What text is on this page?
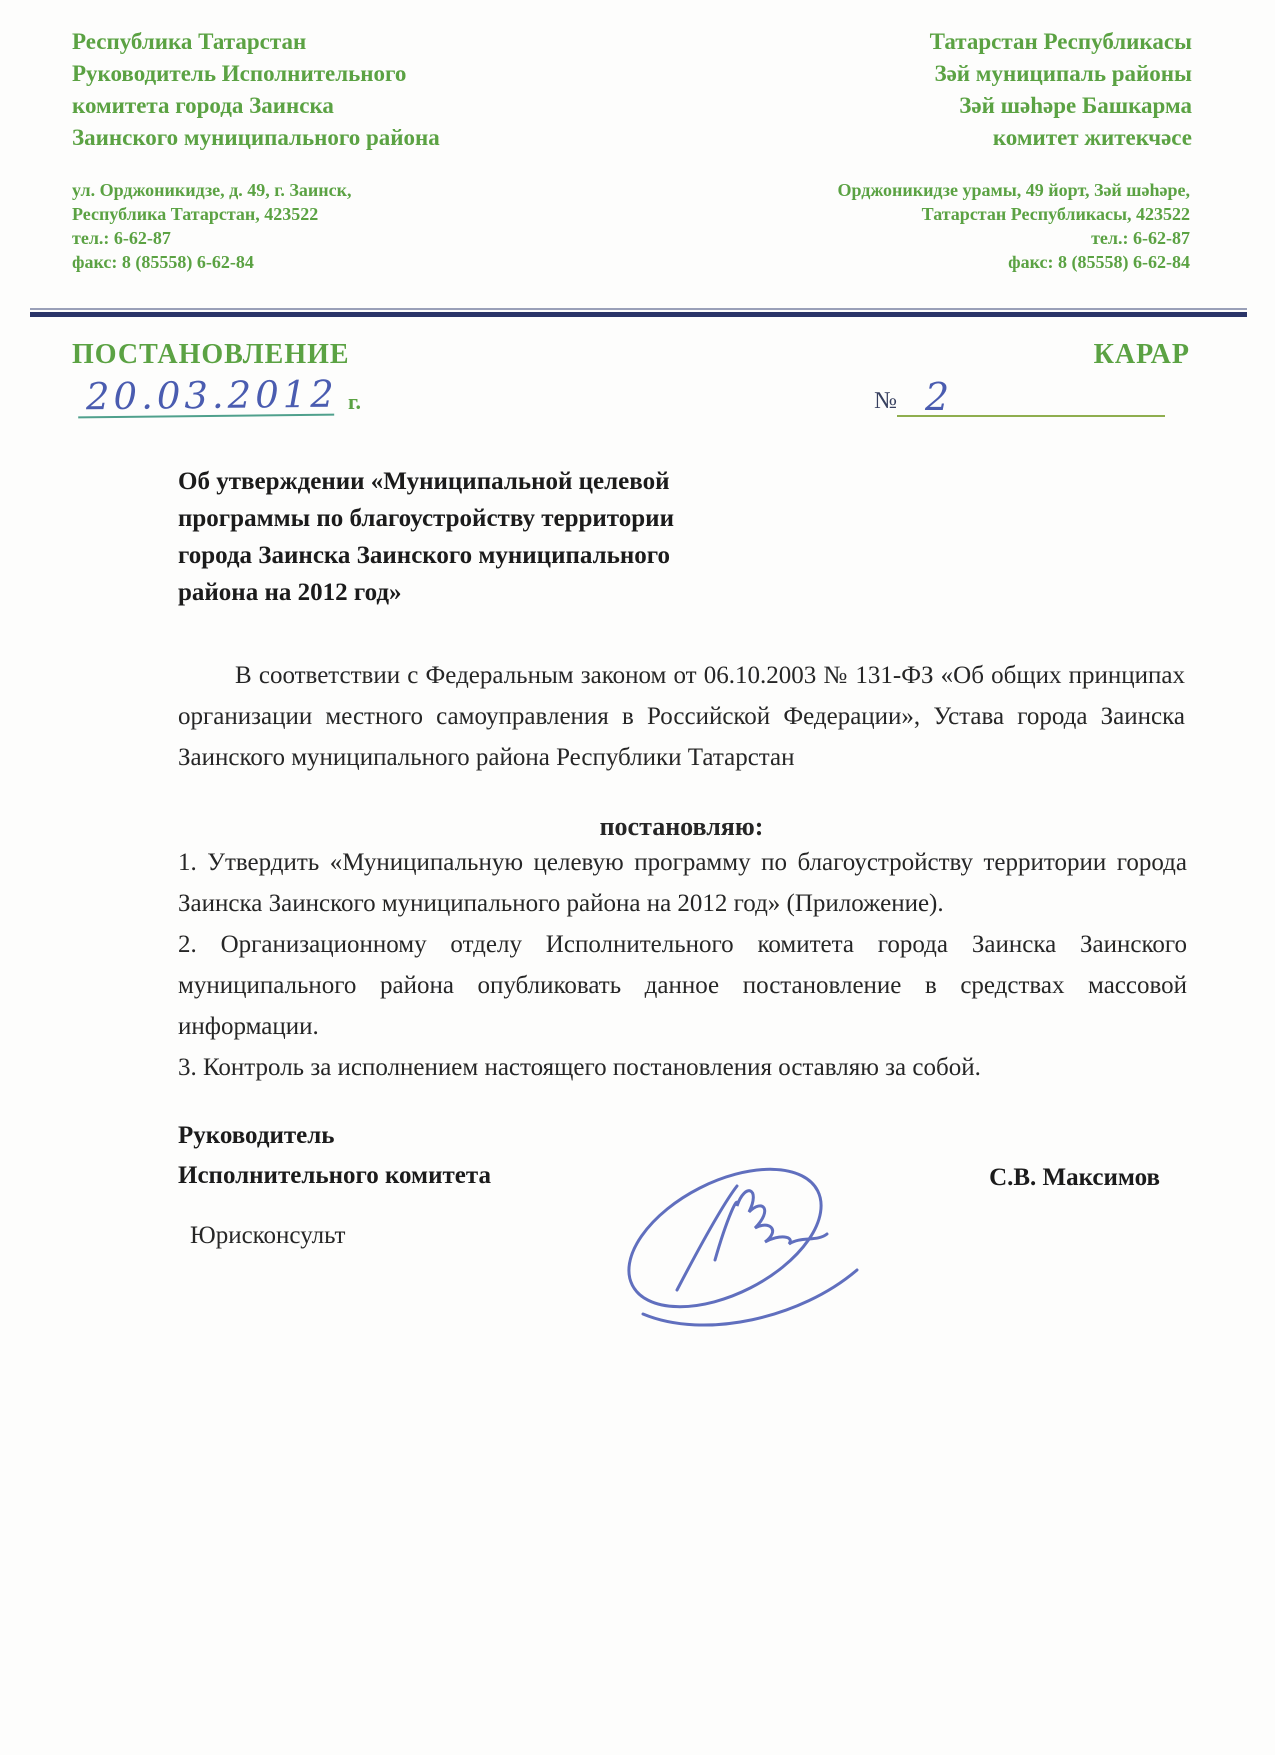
Республика Татарстан
Руководитель Исполнительного
комитета города Заинска
Заинского муниципального района
Татарстан Республикасы
Зәй муниципаль районы
Зәй шәһәре Башкарма
комитет житекчәсе
ул. Орджоникидзе, д. 49, г. Заинск,
Республика Татарстан, 423522
тел.: 6-62-87
факс: 8 (85558) 6-62-84
Орджоникидзе урамы, 49 йорт, Зәй шәһәре,
Татарстан Республикасы, 423522
тел.: 6-62-87
факс: 8 (85558) 6-62-84
ПОСТАНОВЛЕНИЕ	КАРАР
20.03.2012 г.	№ 2
Об утверждении «Муниципальной целевой программы по благоустройству территории города Заинска Заинского муниципального района на 2012 год»

В соответствии с Федеральным законом от 06.10.2003 № 131-ФЗ «Об общих принципах организации местного самоуправления в Российской Федерации», Устава города Заинска Заинского муниципального района Республики Татарстан

постановляю:

1. Утвердить «Муниципальную целевую программу по благоустройству территории города Заинска Заинского муниципального района на 2012 год» (Приложение).

2. Организационному отделу Исполнительного комитета города Заинска Заинского муниципального района опубликовать данное постановление в средствах массовой информации.

3. Контроль за исполнением настоящего постановления оставляю за собой.

Руководитель
Исполнительного комитета	С.В. Максимов
Юрисконсульт
